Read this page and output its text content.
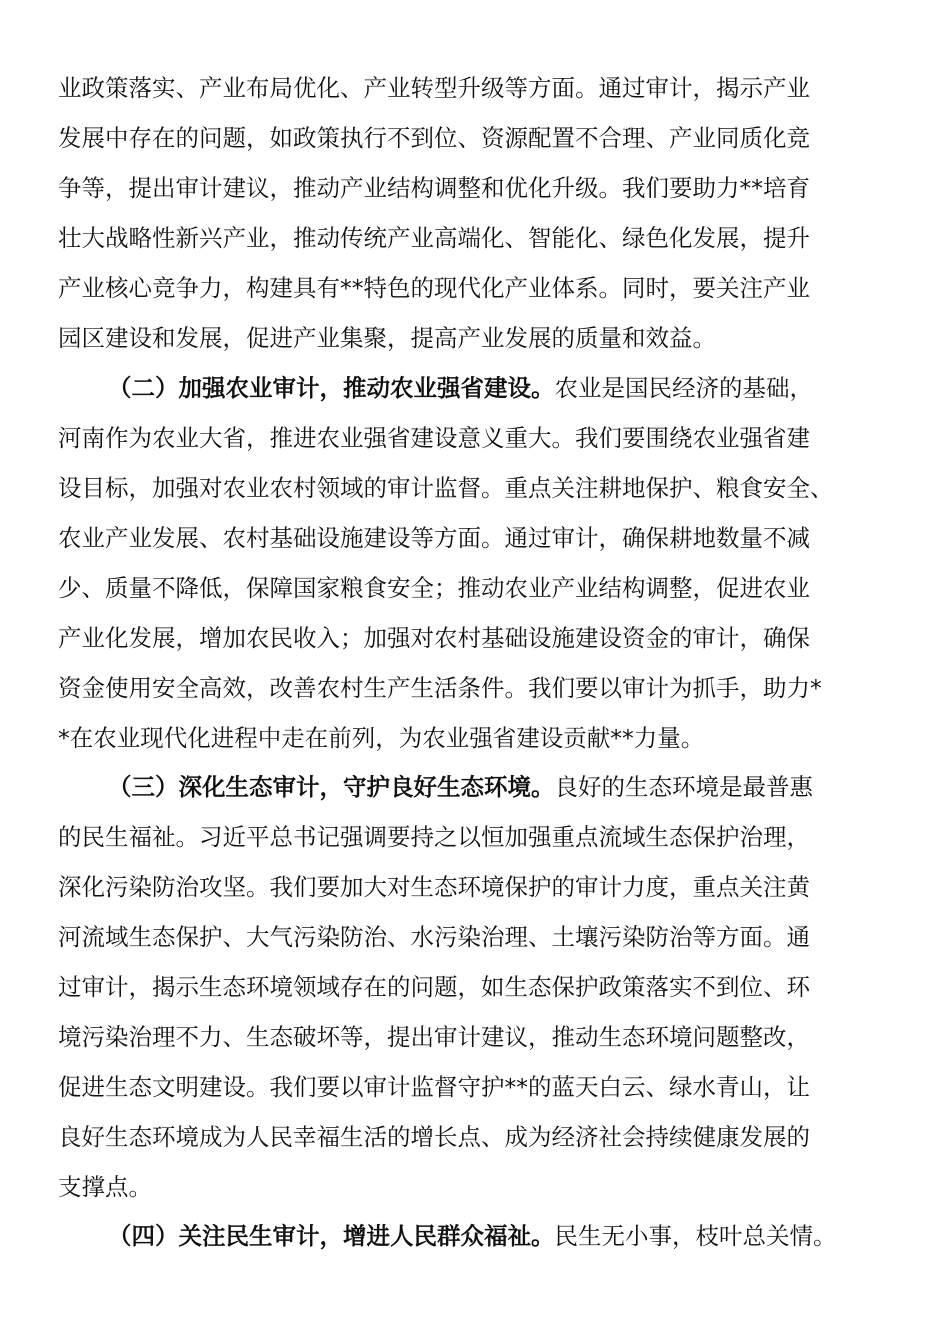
业政策落实、产业布局优化、产业转型升级等方面。通过审计，揭示产业
发展中存在的问题，如政策执行不到位、资源配置不合理、产业同质化竞
争等，提出审计建议，推动产业结构调整和优化升级。我们要助力**培育
壮大战略性新兴产业，推动传统产业高端化、智能化、绿色化发展，提升
产业核心竞争力，构建具有**特色的现代化产业体系。同时，要关注产业
园区建设和发展，促进产业集聚，提高产业发展的质量和效益。
（二）加强农业审计，推动农业强省建设。农业是国民经济的基础，
河南作为农业大省，推进农业强省建设意义重大。我们要围绕农业强省建
设目标，加强对农业农村领域的审计监督。重点关注耕地保护、粮食安全、
农业产业发展、农村基础设施建设等方面。通过审计，确保耕地数量不减
少、质量不降低，保障国家粮食安全；推动农业产业结构调整，促进农业
产业化发展，增加农民收入；加强对农村基础设施建设资金的审计，确保
资金使用安全高效，改善农村生产生活条件。我们要以审计为抓手，助力*
*在农业现代化进程中走在前列，为农业强省建设贡献**力量。
（三）深化生态审计，守护良好生态环境。良好的生态环境是最普惠
的民生福祉。习近平总书记强调要持之以恒加强重点流域生态保护治理，
深化污染防治攻坚。我们要加大对生态环境保护的审计力度，重点关注黄
河流域生态保护、大气污染防治、水污染治理、土壤污染防治等方面。通
过审计，揭示生态环境领域存在的问题，如生态保护政策落实不到位、环
境污染治理不力、生态破坏等，提出审计建议，推动生态环境问题整改，
促进生态文明建设。我们要以审计监督守护**的蓝天白云、绿水青山，让
良好生态环境成为人民幸福生活的增长点、成为经济社会持续健康发展的
支撑点。
（四）关注民生审计，增进人民群众福祉。民生无小事，枝叶总关情。
